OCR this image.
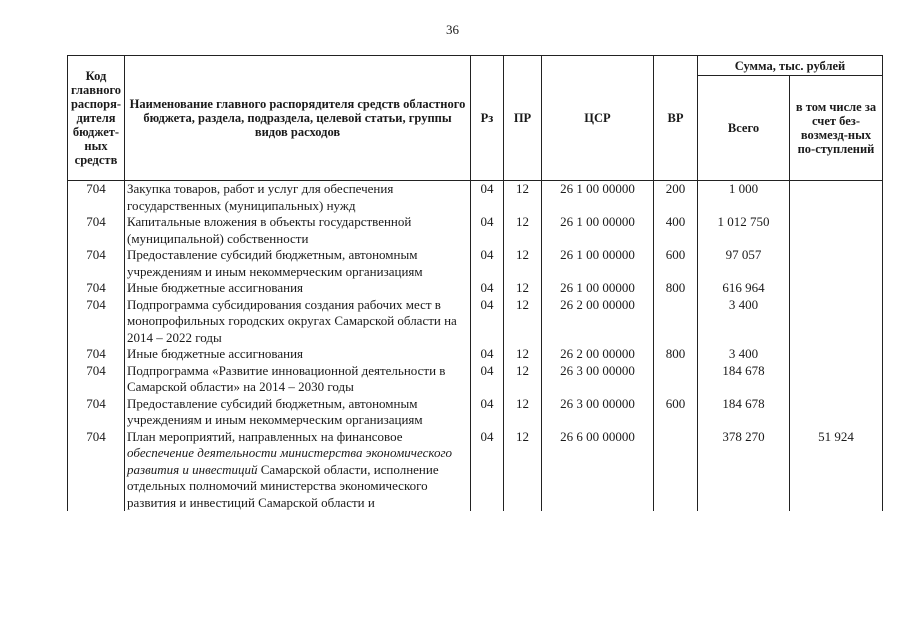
36
Код главного распоря-дителя бюджет-ных средств	Наименование главного распорядителя средств областного бюджета, раздела, подраздела, целевой статьи, группы видов расходов	Рз	ПР	ЦСР	ВР	Сумма, тыс. рублей	
						Всего	в том числе за счет без-возмезд-ных по-ступлений
704	Закупка товаров, работ и услуг для обеспечения государственных (муниципальных) нужд	04	12	26 1 00 00000	200	1 000	
704	Капитальные вложения в объекты государственной (муниципальной) собственности	04	12	26 1 00 00000	400	1 012 750	
704	Предоставление субсидий бюджетным, автономным учреждениям и иным некоммерческим организациям	04	12	26 1 00 00000	600	97 057	
704	Иные бюджетные ассигнования	04	12	26 1 00 00000	800	616 964	
704	Подпрограмма субсидирования создания рабочих мест в монопрофильных городских округах Самарской области на 2014 – 2022 годы	04	12	26 2 00 00000		3 400	
704	Иные бюджетные ассигнования	04	12	26 2 00 00000	800	3 400	
704	Подпрограмма «Развитие инновационной деятельности в Самарской области» на 2014 – 2030 годы	04	12	26 3 00 00000		184 678	
704	Предоставление субсидий бюджетным, автономным учреждениям и иным некоммерческим организациям	04	12	26 3 00 00000	600	184 678	
704	План мероприятий, направленных на финансовое обеспечение деятельности министерства экономического развития и инвестиций Самарской области, исполнение отдельных полномочий министерства экономического развития и инвестиций Самарской области и	04	12	26 6 00 00000		378 270	51 924
